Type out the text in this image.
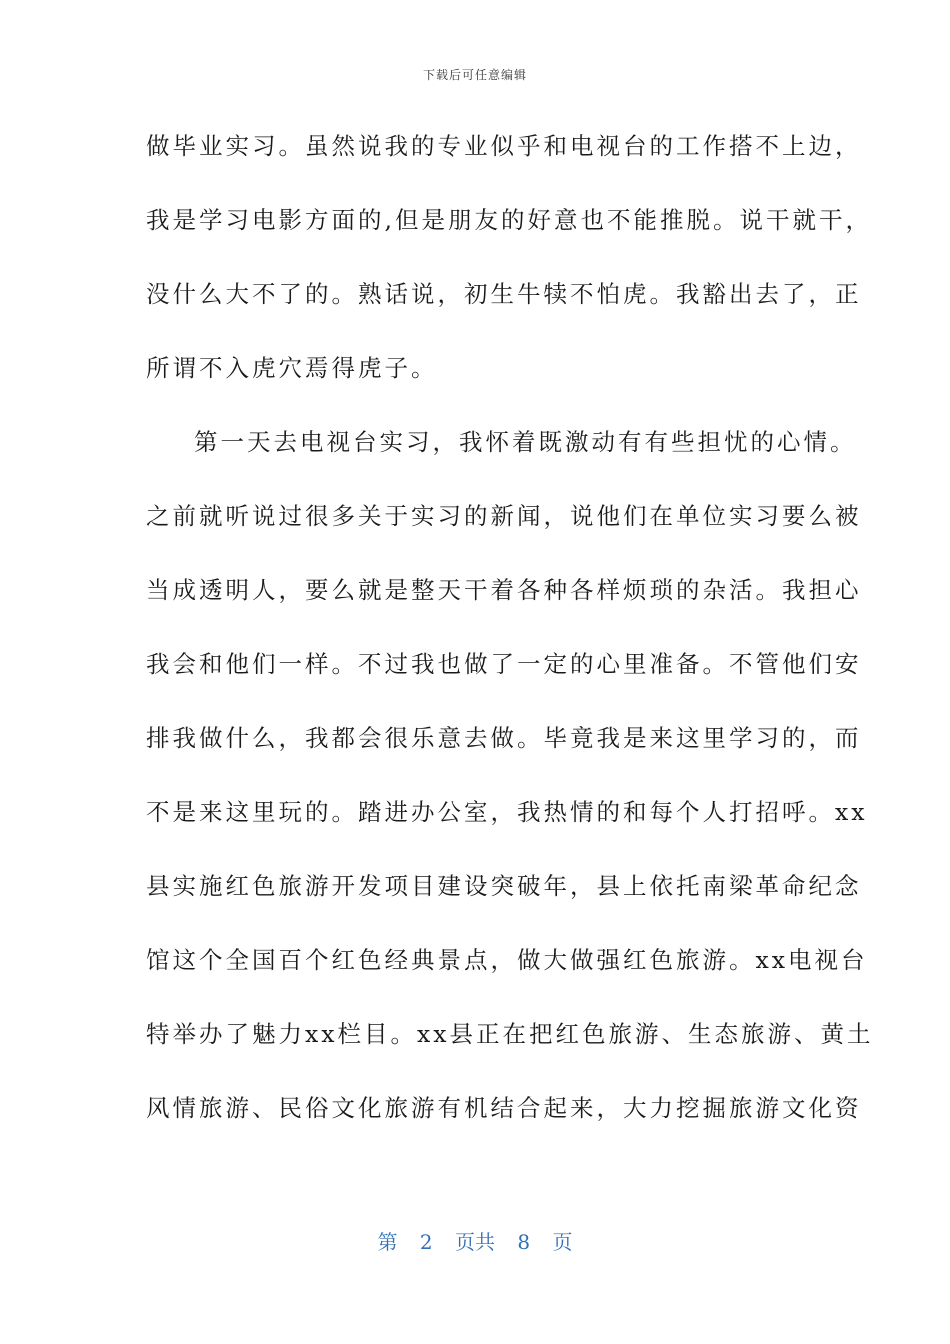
下载后可任意编辑
做毕业实习。虽然说我的专业似乎和电视台的工作搭不上边，
我是学习电影方面的,但是朋友的好意也不能推脱。说干就干，
没什么大不了的。熟话说，初生牛犊不怕虎。我豁出去了，正
所谓不入虎穴焉得虎子。
第一天去电视台实习，我怀着既激动有有些担忧的心情。
之前就听说过很多关于实习的新闻，说他们在单位实习要么被
当成透明人，要么就是整天干着各种各样烦琐的杂活。我担心
我会和他们一样。不过我也做了一定的心里准备。不管他们安
排我做什么，我都会很乐意去做。毕竟我是来这里学习的，而
不是来这里玩的。踏进办公室，我热情的和每个人打招呼。xx
县实施红色旅游开发项目建设突破年，县上依托南梁革命纪念
馆这个全国百个红色经典景点，做大做强红色旅游。xx电视台
特举办了魅力xx栏目。xx县正在把红色旅游、生态旅游、黄土
风情旅游、民俗文化旅游有机结合起来，大力挖掘旅游文化资
第 2 页共 8 页
